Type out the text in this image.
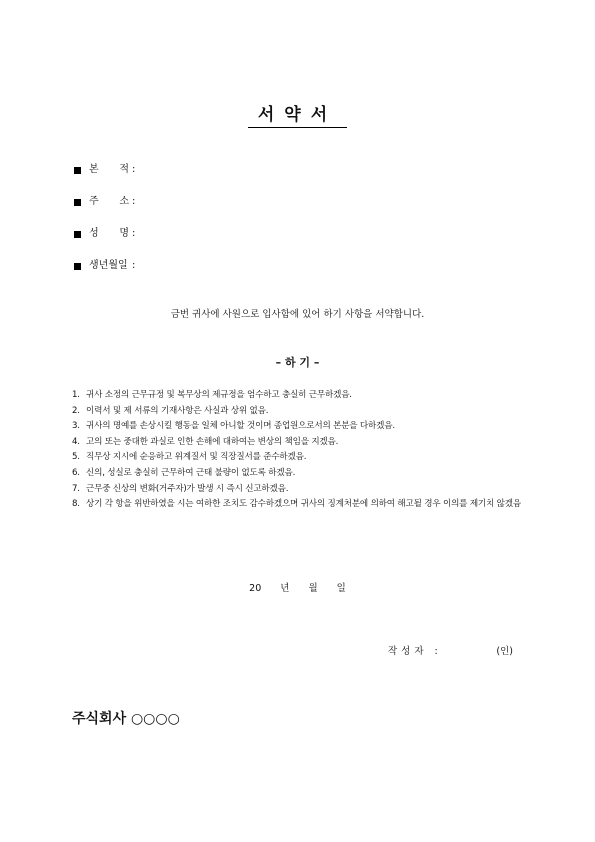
서약서
본 적 :
주 소 :
성 명 :
생년월일 :
금번 귀사에 사원으로 입사함에 있어 하기 사항을 서약합니다.
– 하 기 –
1. 귀사 소정의 근무규정 및 복무상의 제규정을 엄수하고 충실히 근무하겠음.
2. 이력서 및 제 서류의 기재사항은 사실과 상위 없음.
3. 귀사의 명예를 손상시킬 행동을 일체 아니할 것이며 종업원으로서의 본분을 다하겠음.
4. 고의 또는 중대한 과실로 인한 손해에 대하여는 변상의 책임을 지겠음.
5. 직무상 지시에 순응하고 위계질서 및 직장질서를 준수하겠음.
6. 신의, 성실로 충실히 근무하여 근태 불량이 없도록 하겠음.
7. 근무중 신상의 변화(거주자)가 발생 시 즉시 신고하겠음.
8. 상기 각 항을 위반하였을 시는 여하한 조치도 감수하겠으며 귀사의 징계처분에 의하여 해고될 경우 이의를 제기치 않겠음
20 년 월 일
작성자 :	(인)
주식회사 ○○○○
